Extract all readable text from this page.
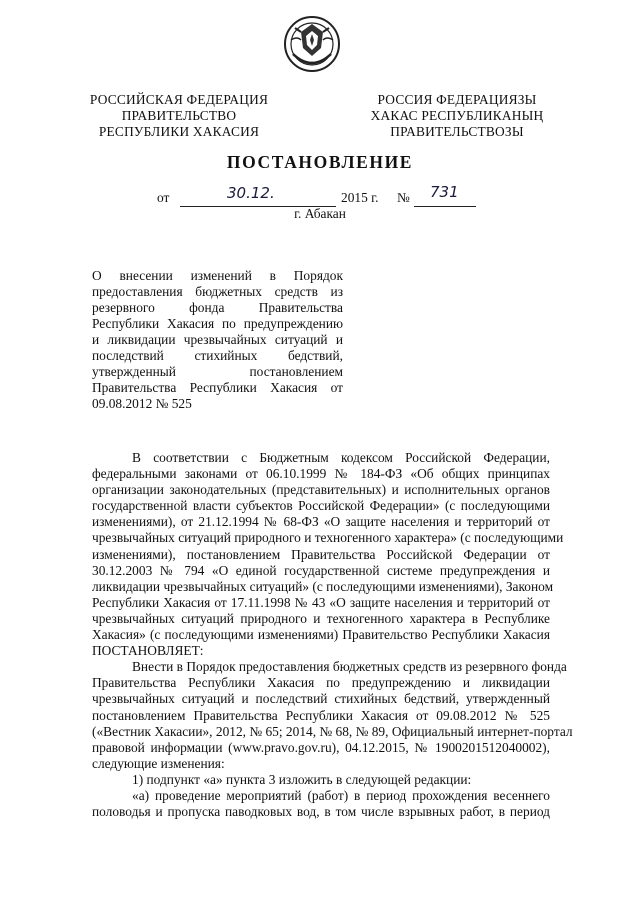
РОССИЙСКАЯ ФЕДЕРАЦИЯ
ПРАВИТЕЛЬСТВО
РЕСПУБЛИКИ ХАКАСИЯ
РОССИЯ ФЕДЕРАЦИЯЗЫ
ХАКАС РЕСПУБЛИКАНЫҢ
ПРАВИТЕЛЬСТВОЗЫ
ПОСТАНОВЛЕНИЕ
от	30.12.	2015 г. № 731
г. Абакан
О внесении изменений в Порядок
предоставления бюджетных средств из
резервного фонда Правительства
Республики Хакасия по предупреждению
и ликвидации чрезвычайных ситуаций и
последствий стихийных бедствий,
утвержденный постановлением
Правительства Республики Хакасия от
09.08.2012 № 525
В соответствии с Бюджетным кодексом Российской Федерации,
федеральными законами от 06.10.1999 № 184-ФЗ «Об общих принципах
организации законодательных (представительных) и исполнительных органов
государственной власти субъектов Российской Федерации» (с последующими
изменениями), от 21.12.1994 № 68-ФЗ «О защите населения и территорий от
чрезвычайных ситуаций природного и техногенного характера» (с последующими
изменениями), постановлением Правительства Российской Федерации от
30.12.2003 № 794 «О единой государственной системе предупреждения и
ликвидации чрезвычайных ситуаций» (с последующими изменениями), Законом
Республики Хакасия от 17.11.1998 № 43 «О защите населения и территорий от
чрезвычайных ситуаций природного и техногенного характера в Республике
Хакасия» (с последующими изменениями) Правительство Республики Хакасия
ПОСТАНОВЛЯЕТ:
Внести в Порядок предоставления бюджетных средств из резервного фонда
Правительства Республики Хакасия по предупреждению и ликвидации
чрезвычайных ситуаций и последствий стихийных бедствий, утвержденный
постановлением Правительства Республики Хакасия от 09.08.2012 № 525
(«Вестник Хакасии», 2012, № 65; 2014, № 68, № 89, Официальный интернет-портал
правовой информации (www.pravo.gov.ru), 04.12.2015, № 1900201512040002),
следующие изменения:
1) подпункт «а» пункта 3 изложить в следующей редакции:
«а) проведение мероприятий (работ) в период прохождения весеннего
половодья и пропуска паводковых вод, в том числе взрывных работ, в период
